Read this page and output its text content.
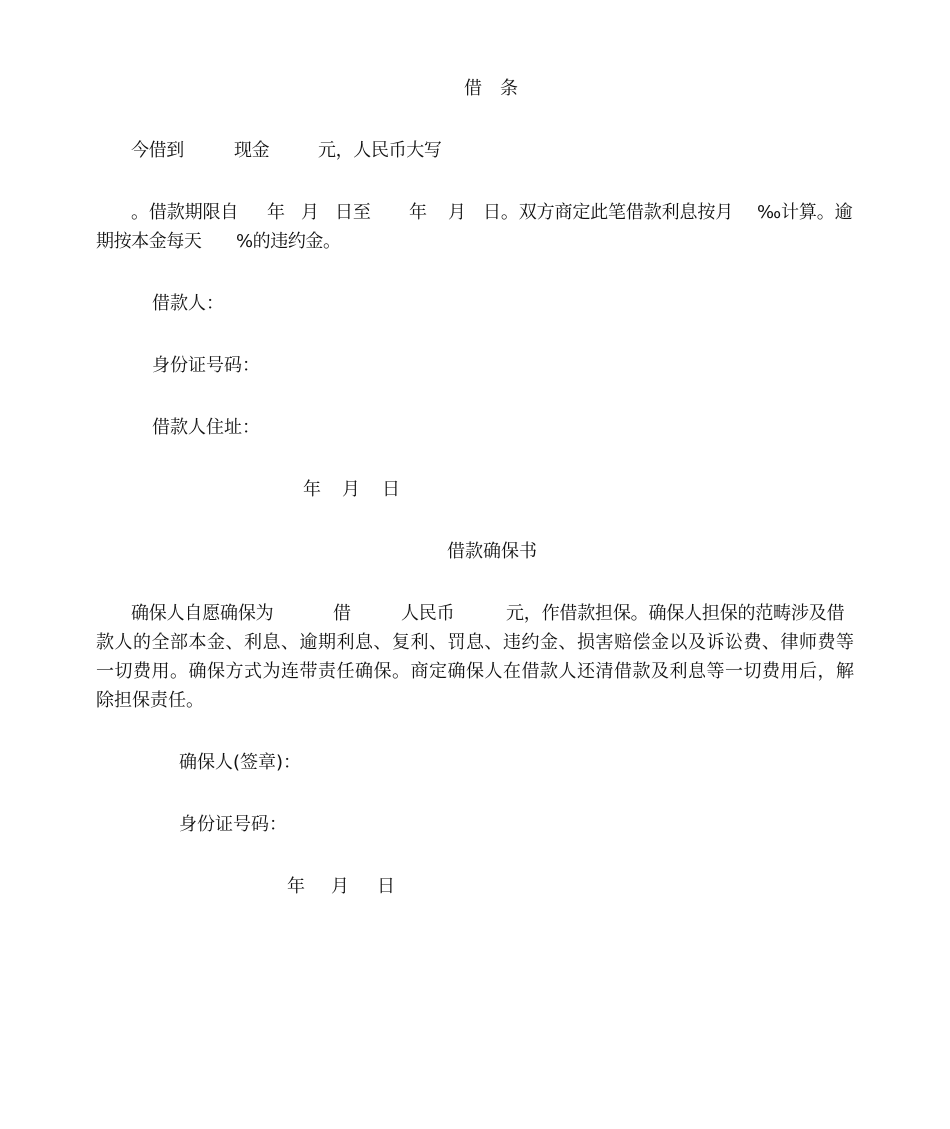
借　条

今借到

	现金

	元，人民币大写

。借款期限自

年

月

日至

年

月

日。双方商定此笔借款利息按月

‰计算。逾

期按本金每天

%的违约金。

借款人：
身份证号码：
借款人住址：

年

月

日

借款确保书

确保人自愿确保为

	借

	人民币

	元，作借款担保。确保人担保的范畴涉及借

款人的全部本金、利息、逾期利息、复利、罚息、违约金、损害赔偿金以及诉讼费、律师费等
一切费用。确保方式为连带责任确保。商定确保人在借款人还清借款及利息等一切费用后，解
除担保责任。
确保人(签章)：
身份证号码：

年

月

日
